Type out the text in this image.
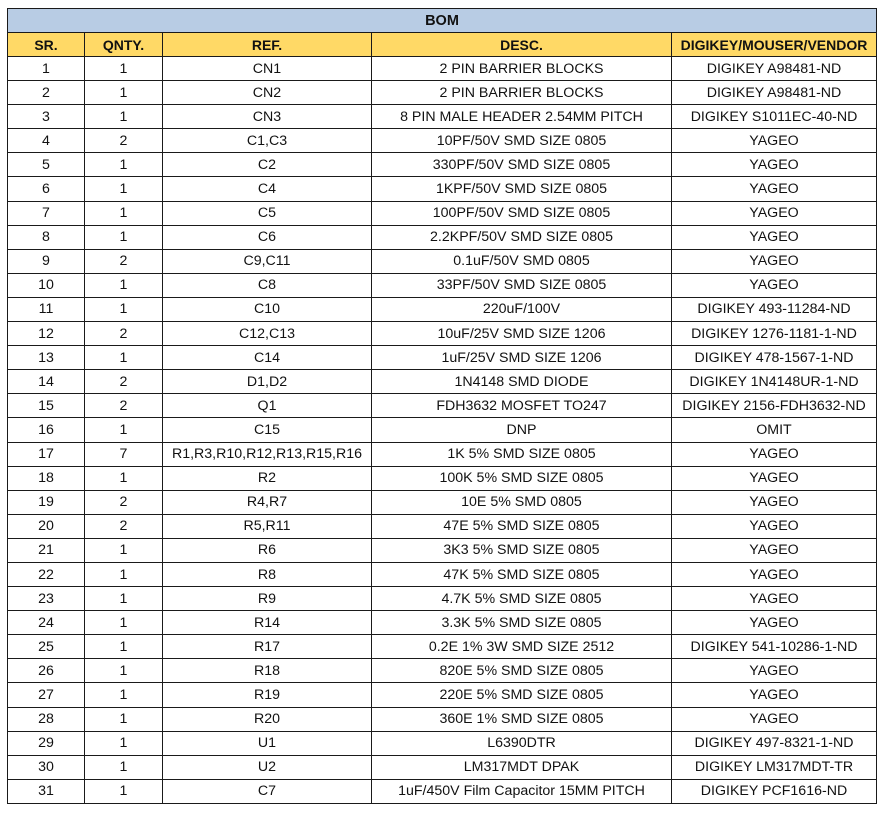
BOM				
SR.	QNTY.	REF.	DESC.	DIGIKEY/MOUSER/VENDOR
1	1	CN1	2 PIN BARRIER BLOCKS	DIGIKEY A98481-ND
2	1	CN2	2 PIN BARRIER BLOCKS	DIGIKEY A98481-ND
3	1	CN3	8 PIN MALE HEADER 2.54MM PITCH	DIGIKEY S1011EC-40-ND
4	2	C1,C3	10PF/50V SMD SIZE 0805	YAGEO
5	1	C2	330PF/50V SMD SIZE 0805	YAGEO
6	1	C4	1KPF/50V SMD SIZE 0805	YAGEO
7	1	C5	100PF/50V SMD SIZE 0805	YAGEO
8	1	C6	2.2KPF/50V SMD SIZE 0805	YAGEO
9	2	C9,C11	0.1uF/50V SMD 0805	YAGEO
10	1	C8	33PF/50V SMD SIZE 0805	YAGEO
11	1	C10	220uF/100V	DIGIKEY 493-11284-ND
12	2	C12,C13	10uF/25V SMD SIZE 1206	DIGIKEY 1276-1181-1-ND
13	1	C14	1uF/25V SMD SIZE 1206	DIGIKEY 478-1567-1-ND
14	2	D1,D2	1N4148 SMD DIODE	DIGIKEY 1N4148UR-1-ND
15	2	Q1	FDH3632 MOSFET TO247	DIGIKEY 2156-FDH3632-ND
16	1	C15	DNP	OMIT
17	7	R1,R3,R10,R12,R13,R15,R16	1K 5% SMD SIZE 0805	YAGEO
18	1	R2	100K 5% SMD SIZE 0805	YAGEO
19	2	R4,R7	10E 5% SMD 0805	YAGEO
20	2	R5,R11	47E 5% SMD SIZE 0805	YAGEO
21	1	R6	3K3 5% SMD SIZE 0805	YAGEO
22	1	R8	47K 5% SMD SIZE 0805	YAGEO
23	1	R9	4.7K 5% SMD SIZE 0805	YAGEO
24	1	R14	3.3K 5% SMD SIZE 0805	YAGEO
25	1	R17	0.2E 1% 3W SMD SIZE 2512	DIGIKEY 541-10286-1-ND
26	1	R18	820E 5% SMD SIZE 0805	YAGEO
27	1	R19	220E 5% SMD SIZE 0805	YAGEO
28	1	R20	360E 1% SMD SIZE 0805	YAGEO
29	1	U1	L6390DTR	DIGIKEY 497-8321-1-ND
30	1	U2	LM317MDT DPAK	DIGIKEY LM317MDT-TR
31	1	C7	1uF/450V Film Capacitor 15MM PITCH	DIGIKEY PCF1616-ND
